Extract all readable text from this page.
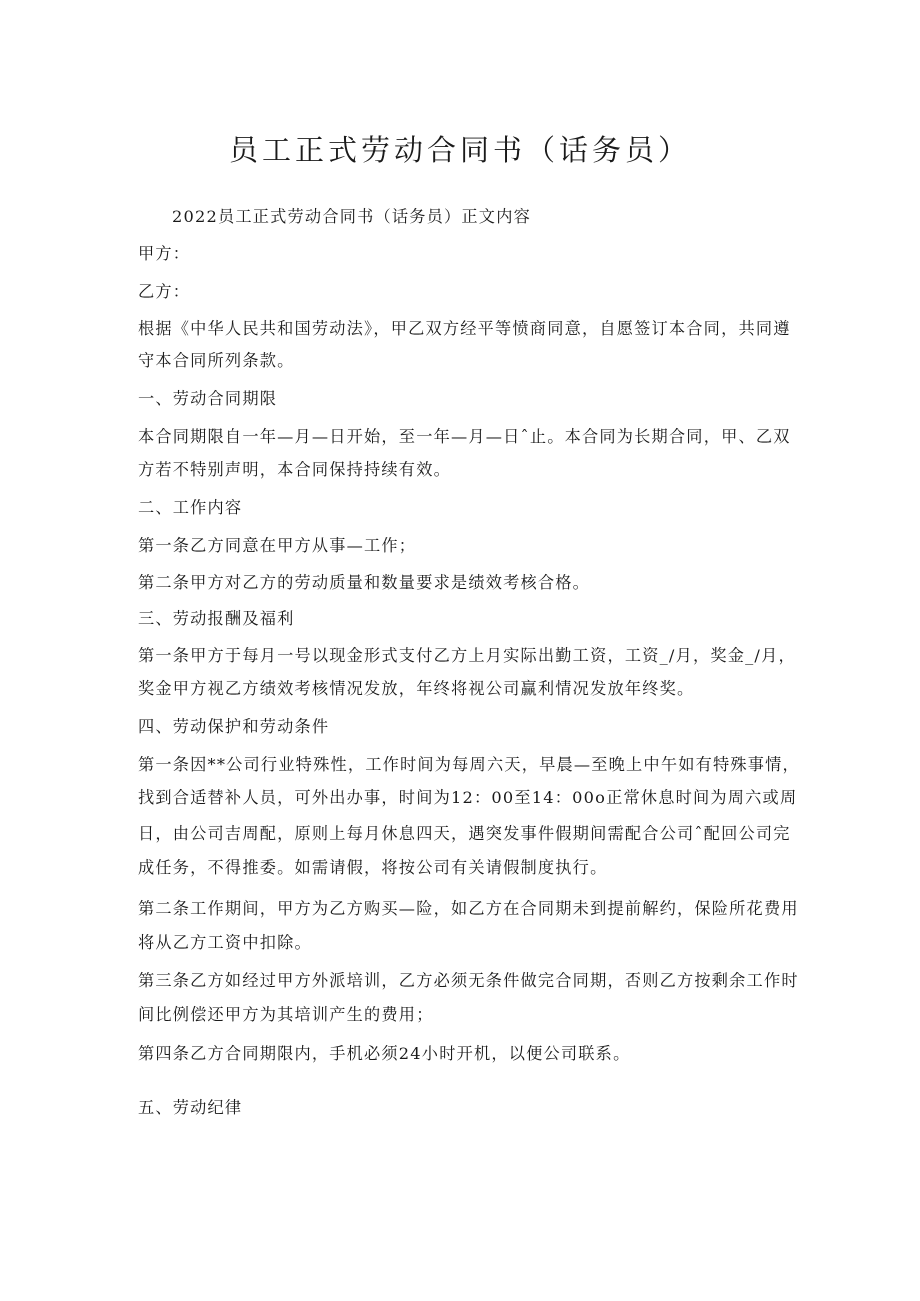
员工正式劳动合同书（话务员）
2022员工正式劳动合同书（话务员）正文内容
甲方：
乙方：
根据《中华人民共和国劳动法》，甲乙双方经平等愤商同意，自愿签订本合同，共同遵
守本合同所列条款。
一、劳动合同期限
本合同期限自一年—月—日开始，至一年—月—日ˆ止。本合同为长期合同，甲、乙双
方若不特别声明，本合同保持持续有效。
二、工作内容
第一条乙方同意在甲方从事—工作；
第二条甲方对乙方的劳动质量和数量要求是绩效考核合格。
三、劳动报酬及福利
第一条甲方于每月一号以现金形式支付乙方上月实际出勤工资，工资_/月，奖金_/月，
奖金甲方视乙方绩效考核情况发放，年终将视公司赢利情况发放年终奖。
四、劳动保护和劳动条件
第一条因**公司行业特殊性，工作时间为每周六天，早晨—至晚上中午如有特殊事情，
找到合适替补人员，可外出办事，时间为12：00至14：00o正常休息时间为周六或周
日，由公司吉周配，原则上每月休息四天，遇突发事件假期间需配合公司ˆ配回公司完
成任务，不得推委。如需请假，将按公司有关请假制度执行。
第二条工作期间，甲方为乙方购买—险，如乙方在合同期未到提前解约，保险所花费用
将从乙方工资中扣除。
第三条乙方如经过甲方外派培训，乙方必须无条件做完合同期，否则乙方按剩余工作时
间比例偿还甲方为其培训产生的费用；
第四条乙方合同期限内，手机必须24小时开机，以便公司联系。
五、劳动纪律
